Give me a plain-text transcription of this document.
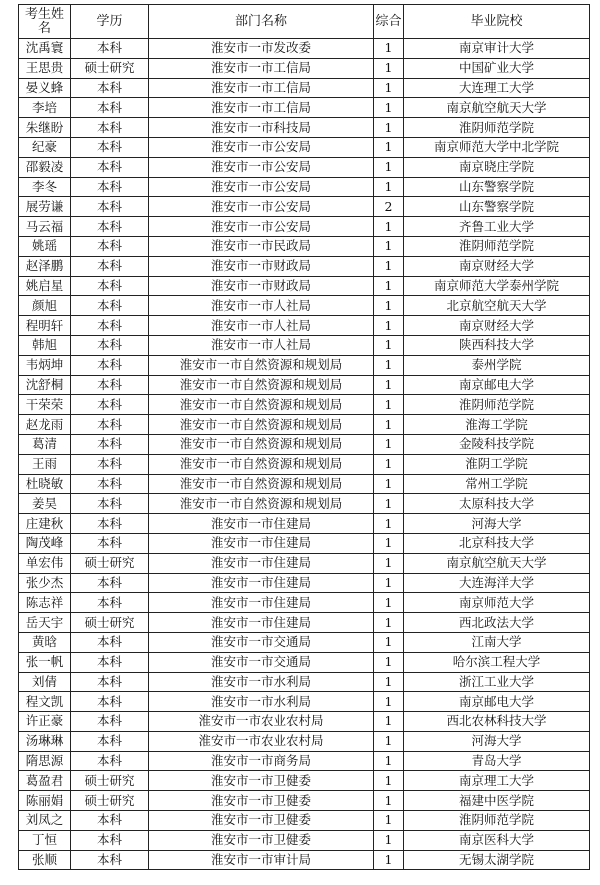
考生姓名	学历	部门名称	综合	毕业院校
沈禹寰	本科	淮安市一市发改委	1	南京审计大学
王思贵	硕士研究	淮安市一市工信局	1	中国矿业大学
晏义蜂	本科	淮安市一市工信局	1	大连理工大学
李培	本科	淮安市一市工信局	1	南京航空航天大学
朱继盼	本科	淮安市一市科技局	1	淮阴师范学院
纪豪	本科	淮安市一市公安局	1	南京师范大学中北学院
邵毅凌	本科	淮安市一市公安局	1	南京晓庄学院
李冬	本科	淮安市一市公安局	1	山东警察学院
展劳谦	本科	淮安市一市公安局	2	山东警察学院
马云福	本科	淮安市一市公安局	1	齐鲁工业大学
姚瑶	本科	淮安市一市民政局	1	淮阴师范学院
赵泽鹏	本科	淮安市一市财政局	1	南京财经大学
姚启星	本科	淮安市一市财政局	1	南京师范大学泰州学院
颜旭	本科	淮安市一市人社局	1	北京航空航天大学
程明轩	本科	淮安市一市人社局	1	南京财经大学
韩旭	本科	淮安市一市人社局	1	陕西科技大学
韦炳坤	本科	淮安市一市自然资源和规划局	1	泰州学院
沈舒桐	本科	淮安市一市自然资源和规划局	1	南京邮电大学
干荣荣	本科	淮安市一市自然资源和规划局	1	淮阴师范学院
赵龙雨	本科	淮安市一市自然资源和规划局	1	淮海工学院
葛清	本科	淮安市一市自然资源和规划局	1	金陵科技学院
王雨	本科	淮安市一市自然资源和规划局	1	淮阴工学院
杜晓敏	本科	淮安市一市自然资源和规划局	1	常州工学院
姜昊	本科	淮安市一市自然资源和规划局	1	太原科技大学
庄建秋	本科	淮安市一市住建局	1	河海大学
陶茂峰	本科	淮安市一市住建局	1	北京科技大学
单宏伟	硕士研究	淮安市一市住建局	1	南京航空航天大学
张少杰	本科	淮安市一市住建局	1	大连海洋大学
陈志祥	本科	淮安市一市住建局	1	南京师范大学
岳天宇	硕士研究	淮安市一市住建局	1	西北政法大学
黄晗	本科	淮安市一市交通局	1	江南大学
张一帆	本科	淮安市一市交通局	1	哈尔滨工程大学
刘倩	本科	淮安市一市水利局	1	浙江工业大学
程文凯	本科	淮安市一市水利局	1	南京邮电大学
许正豪	本科	淮安市一市农业农村局	1	西北农林科技大学
汤琳琳	本科	淮安市一市农业农村局	1	河海大学
隋思源	本科	淮安市一市商务局	1	青岛大学
葛盈君	硕士研究	淮安市一市卫健委	1	南京理工大学
陈丽娟	硕士研究	淮安市一市卫健委	1	福建中医学院
刘凤之	本科	淮安市一市卫健委	1	淮阴师范学院
丁恒	本科	淮安市一市卫健委	1	南京医科大学
张顺	本科	淮安市一市审计局	1	无锡太湖学院
